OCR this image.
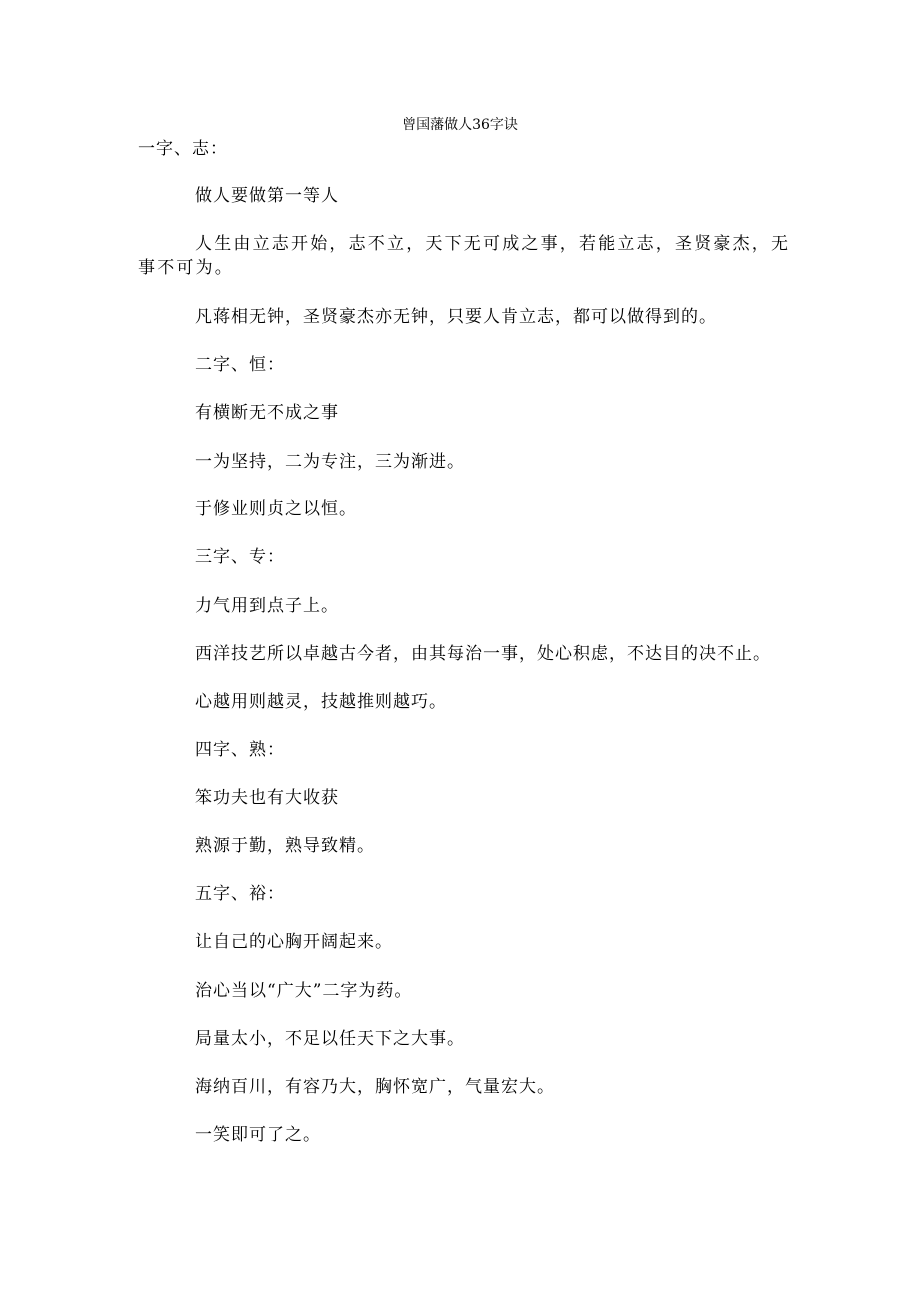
曾国藩做人36字诀
一字、志：
做人要做第一等人
人生由立志开始，志不立，天下无可成之事，若能立志，圣贤豪杰，无事不可为。
凡蒋相无钟，圣贤豪杰亦无钟，只要人肯立志，都可以做得到的。
二字、恒：
有横断无不成之事
一为坚持，二为专注，三为渐进。
于修业则贞之以恒。
三字、专：
力气用到点子上。
西洋技艺所以卓越古今者，由其每治一事，处心积虑，不达目的决不止。
心越用则越灵，技越推则越巧。
四字、熟：
笨功夫也有大收获
熟源于勤，熟导致精。
五字、裕：
让自己的心胸开阔起来。
治心当以“广大”二字为药。
局量太小，不足以任天下之大事。
海纳百川，有容乃大，胸怀宽广，气量宏大。
一笑即可了之。
